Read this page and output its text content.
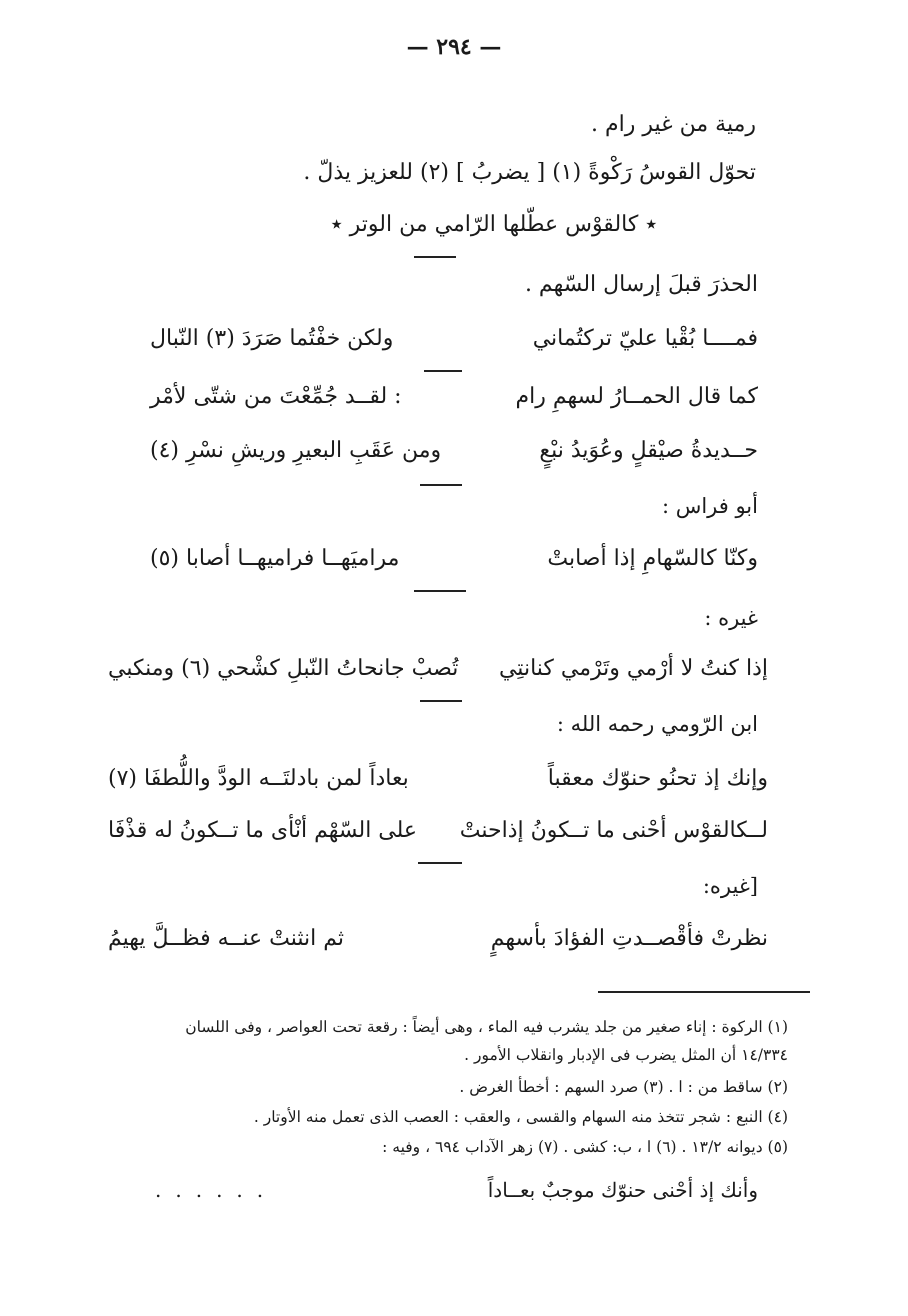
— ٢٩٤ —
رمية من غير رام .
تحوّل القوسُ رَكْوةً (١) [ يضربُ ] (٢) للعزيز يذلّ .
٭ كالقوْس عطّلها الرّامي من الوتر ٭
الحذرَ قبلَ إرسال السّهم .
فمــــا بُقْيا عليّ تركتُماني
ولكن خفْتُما صَرَدَ (٣) النّبال
كما قال الحمــارُ لسهمِ رام
: لقــد جُمِّعْتَ من شتّى لأمْر
حــديدةُ صيْقلٍ وعُوَيدُ نبْعٍ
ومن عَقَبِ البعيرِ وريشِ نسْرِ (٤)
أبو فراس :
وكنّا كالسّهامِ إذا أصابتْ
مراميَهــا فراميهــا أصابا (٥)
غيره :
إذا كنتُ لا أرْمي وتَرْمي كنانتِي
تُصبْ جانحاتُ النّبلِ كشْحي (٦) ومنكبي
ابن الرّومي رحمه الله :
وإنك إذ تحنُو حنوّك معقباً
بعاداً لمن بادلتَــه الودَّ واللُّطفَا (٧)
لــكالقوْس أحْنى ما تــكونُ إذاحنتْ
على السّهْم أنْأى ما تــكونُ له قذْفَا
[غيره:
نظرتْ فأقْصــدتِ الفؤادَ بأسهمٍ
ثم انثنتْ عنــه فظــلَّ يهيمُ
(١) الركوة : إناء صغير من جلد يشرب فيه الماء ، وهى أيضاً : رقعة تحت العواصر ، وفى اللسان
١٤/٣٣٤ أن المثل يضرب فى الإدبار وانقلاب الأمور .
(٢) ساقط من : ا . (٣) صرد السهم : أخطأ الغرض .
(٤) النبع : شجر تتخذ منه السهام والقسى ، والعقب : العصب الذى تعمل منه الأوتار .
(٥) ديوانه ١٣/٢ . (٦) ا ، ب: كشى . (٧) زهر الآداب ٦٩٤ ، وفيه :
وأنك إذ أحْنى حنوّك موجبٌ بعــاداً
......
